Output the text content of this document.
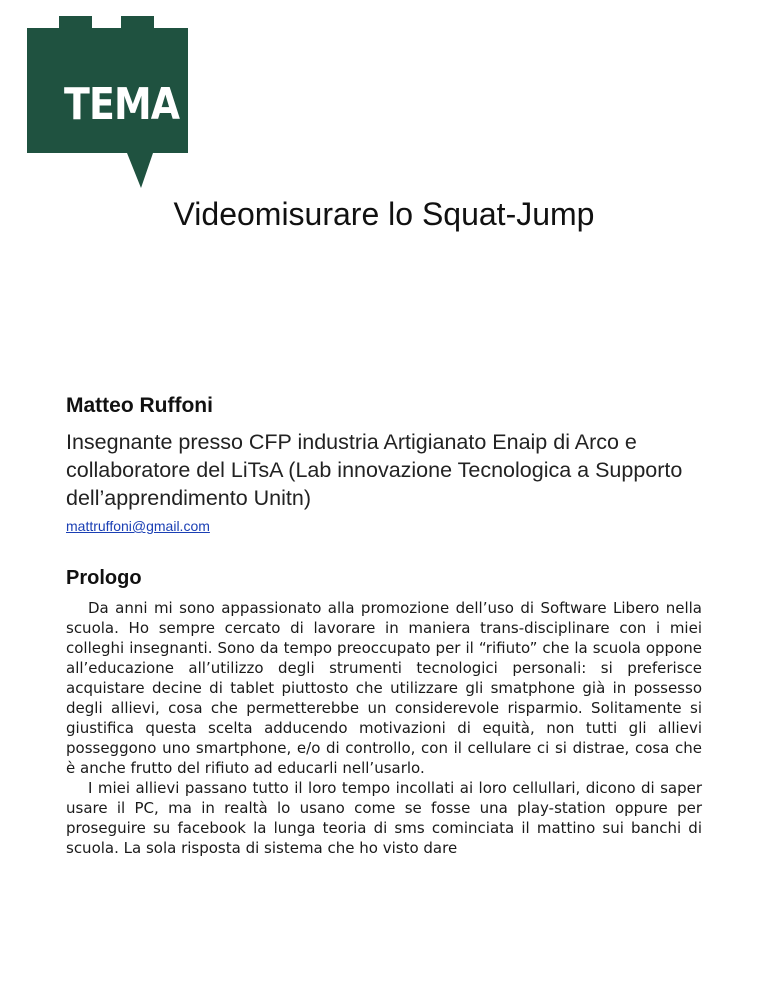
TEMA
Videomisurare lo Squat-Jump
Matteo Ruffoni

Insegnante presso CFP industria Artigianato Enaip di Arco e collaboratore del LiTsA (Lab innovazione Tecnologica a Supporto dell’apprendimento Unitn)

mattruffoni@gmail.com
Prologo

Da anni mi sono appassionato alla promozione dell’uso di Software Libero nella scuola. Ho sempre cercato di lavorare in maniera trans-disciplinare con i miei colleghi insegnanti. Sono da tempo preoccupato per il “rifiuto” che la scuola oppone all’educazione all’utilizzo degli strumenti tecnologici personali: si preferisce acquistare decine di tablet piuttosto che utilizzare gli smatphone già in possesso degli allievi, cosa che permetterebbe un considerevole risparmio. Solitamente si giustifica questa scelta adducendo motivazioni di equità, non tutti gli allievi posseggono uno smartphone, e/o di controllo, con il cellulare ci si distrae, cosa che è anche frutto del rifiuto ad educarli nell’usarlo.

I miei allievi passano tutto il loro tempo incollati ai loro cellullari, dicono di saper usare il PC, ma in realtà lo usano come se fosse una play-station oppure per proseguire su facebook la lunga teoria di sms cominciata il mattino sui banchi di scuola. La sola risposta di sistema che ho visto dare
